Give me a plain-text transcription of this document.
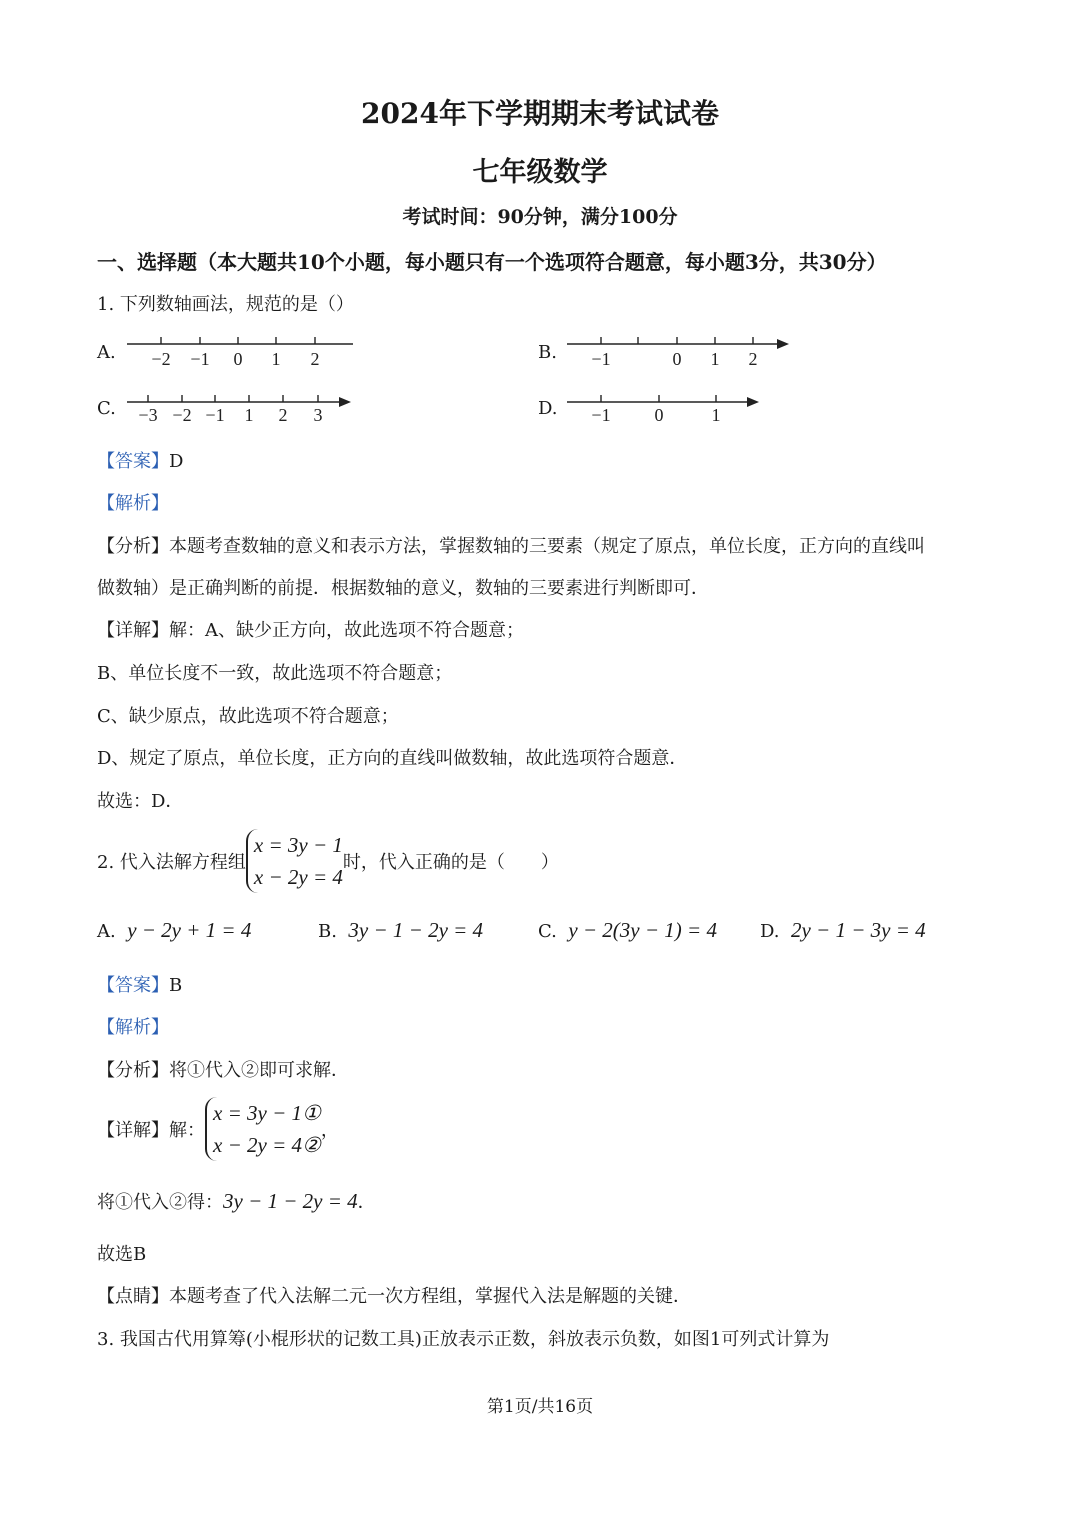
2024年下学期期末考试试卷
七年级数学
考试时间：90分钟，满分100分
一、选择题（本大题共10个小题，每小题只有一个选项符合题意，每小题3分，共30分）
1. 下列数轴画法，规范的是（）
A. −2 −1 0 1 2	B. −1	0 1 2
C. −3 −2 −1 1 2 3	D. −1 0	1
【答案】D
【解析】
【分析】本题考查数轴的意义和表示方法，掌握数轴的三要素（规定了原点，单位长度，正方向的直线叫
做数轴）是正确判断的前提．根据数轴的意义，数轴的三要素进行判断即可．
【详解】解：A、缺少正方向，故此选项不符合题意；
B、单位长度不一致，故此选项不符合题意；
C、缺少原点，故此选项不符合题意；
D、规定了原点，单位长度，正方向的直线叫做数轴，故此选项符合题意．
故选：D．
2. 代入法解方程组
x = 3y − 1
x − 2y = 4
时，代入正确的是（　　）
A. y − 2y + 1 = 4	B. 3y − 1 − 2y = 4	C. y − 2(3y − 1) = 4 D. 2y − 1 − 3y = 4
【答案】B
【解析】
【分析】将①代入②即可求解．
【详解】解：
x = 3y − 1①
x − 2y = 4②
，
将①代入②得：3y − 1 − 2y = 4．
故选B
【点睛】本题考查了代入法解二元一次方程组，掌握代入法是解题的关键．
3. 我国古代用算筹(小棍形状的记数工具)正放表示正数，斜放表示负数，如图1可列式计算为
第1页/共16页
